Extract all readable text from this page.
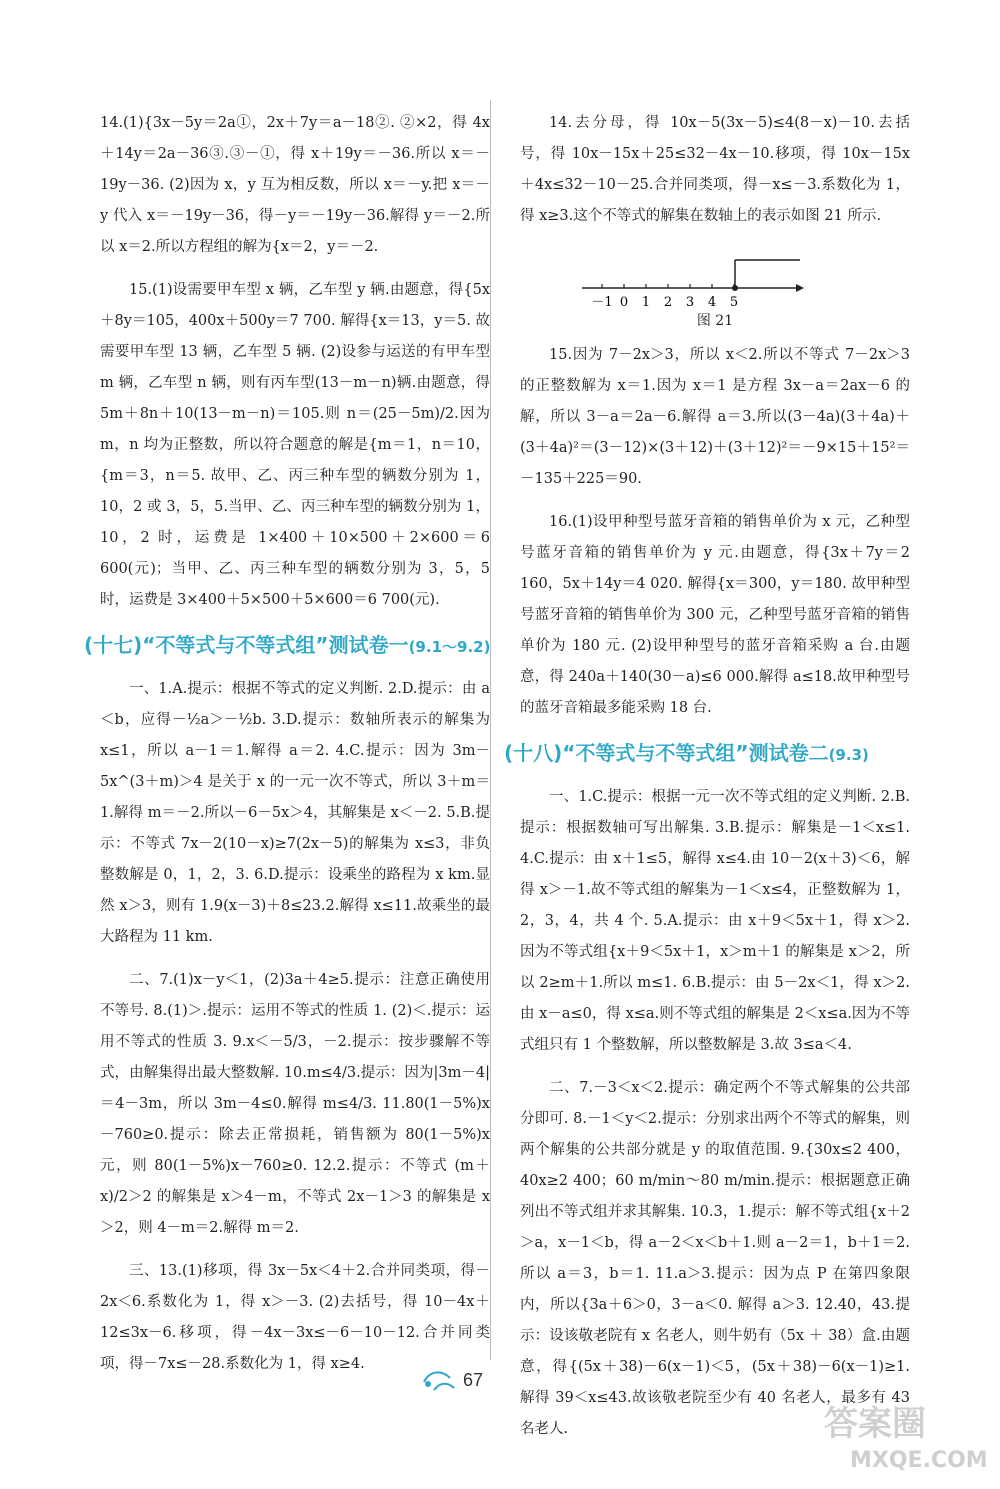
14.(1){3x－5y＝2a①，2x＋7y＝a－18②. ②×2，得 4x＋14y＝2a－36③.③－①，得 x＋19y＝－36.所以 x＝－19y－36. (2)因为 x，y 互为相反数，所以 x＝－y.把 x＝－y 代入 x＝－19y－36，得－y＝－19y－36.解得 y＝－2.所以 x＝2.所以方程组的解为{x＝2，y＝－2.

15.(1)设需要甲车型 x 辆，乙车型 y 辆.由题意，得{5x＋8y＝105，400x＋500y＝7 700. 解得{x＝13，y＝5. 故需要甲车型 13 辆，乙车型 5 辆. (2)设参与运送的有甲车型 m 辆，乙车型 n 辆，则有丙车型(13－m－n)辆.由题意，得 5m＋8n＋10(13－m－n)＝105.则 n＝(25－5m)/2.因为 m，n 均为正整数，所以符合题意的解是{m＝1，n＝10，{m＝3，n＝5. 故甲、乙、丙三种车型的辆数分别为 1，10，2 或 3，5，5.当甲、乙、丙三种车型的辆数分别为 1，10，2 时，运费是 1×400＋10×500＋2×600＝6 600(元)；当甲、乙、丙三种车型的辆数分别为 3，5，5 时，运费是 3×400＋5×500＋5×600＝6 700(元).

(十七)“不等式与不等式组”测试卷一(9.1～9.2)

一、1.A.提示：根据不等式的定义判断. 2.D.提示：由 a＜b，应得－½a＞－½b. 3.D.提示：数轴所表示的解集为 x≤1，所以 a－1＝1.解得 a＝2. 4.C.提示：因为 3m－5x^(3＋m)＞4 是关于 x 的一元一次不等式，所以 3＋m＝1.解得 m＝－2.所以－6－5x＞4，其解集是 x＜－2. 5.B.提示：不等式 7x－2(10－x)≥7(2x－5)的解集为 x≤3，非负整数解是 0，1，2，3. 6.D.提示：设乘坐的路程为 x km.显然 x＞3，则有 1.9(x－3)＋8≤23.2.解得 x≤11.故乘坐的最大路程为 11 km.

二、7.(1)x－y＜1，(2)3a＋4≥5.提示：注意正确使用不等号. 8.(1)＞.提示：运用不等式的性质 1. (2)＜.提示：运用不等式的性质 3. 9.x＜－5/3，－2.提示：按步骤解不等式，由解集得出最大整数解. 10.m≤4/3.提示：因为|3m－4|＝4－3m，所以 3m－4≤0.解得 m≤4/3. 11.80(1－5%)x－760≥0.提示：除去正常损耗，销售额为 80(1－5%)x 元，则 80(1－5%)x－760≥0. 12.2.提示：不等式 (m＋x)/2＞2 的解集是 x＞4－m，不等式 2x－1＞3 的解集是 x＞2，则 4－m＝2.解得 m＝2.

三、13.(1)移项，得 3x－5x＜4＋2.合并同类项，得－2x＜6.系数化为 1，得 x＞－3. (2)去括号，得 10－4x＋12≤3x－6.移项，得－4x－3x≤－6－10－12.合并同类项，得－7x≤－28.系数化为 1，得 x≥4.

14.去分母，得 10x－5(3x－5)≤4(8－x)－10.去括号，得 10x－15x＋25≤32－4x－10.移项，得 10x－15x＋4x≤32－10－25.合并同类项，得－x≤－3.系数化为 1，得 x≥3.这个不等式的解集在数轴上的表示如图 21 所示.

－1 0 1 2 3 4 5
图 21

15.因为 7－2x＞3，所以 x＜2.所以不等式 7－2x＞3 的正整数解为 x＝1.因为 x＝1 是方程 3x－a＝2ax－6 的解，所以 3－a＝2a－6.解得 a＝3.所以(3－4a)(3＋4a)＋(3＋4a)²＝(3－12)×(3＋12)＋(3＋12)²＝－9×15＋15²＝－135＋225＝90.

16.(1)设甲种型号蓝牙音箱的销售单价为 x 元，乙种型号蓝牙音箱的销售单价为 y 元.由题意，得{3x＋7y＝2 160，5x＋14y＝4 020. 解得{x＝300，y＝180. 故甲种型号蓝牙音箱的销售单价为 300 元，乙种型号蓝牙音箱的销售单价为 180 元. (2)设甲种型号的蓝牙音箱采购 a 台.由题意，得 240a＋140(30－a)≤6 000.解得 a≤18.故甲种型号的蓝牙音箱最多能采购 18 台.

(十八)“不等式与不等式组”测试卷二(9.3)

一、1.C.提示：根据一元一次不等式组的定义判断. 2.B.提示：根据数轴可写出解集. 3.B.提示：解集是－1＜x≤1. 4.C.提示：由 x＋1≤5，解得 x≤4.由 10－2(x＋3)＜6，解得 x＞－1.故不等式组的解集为－1＜x≤4，正整数解为 1，2，3，4，共 4 个. 5.A.提示：由 x＋9＜5x＋1，得 x＞2.因为不等式组{x＋9＜5x＋1，x＞m＋1 的解集是 x＞2，所以 2≥m＋1.所以 m≤1. 6.B.提示：由 5－2x＜1，得 x＞2.由 x－a≤0，得 x≤a.则不等式组的解集是 2＜x≤a.因为不等式组只有 1 个整数解，所以整数解是 3.故 3≤a＜4.

二、7.－3＜x＜2.提示：确定两个不等式解集的公共部分即可. 8.－1＜y＜2.提示：分别求出两个不等式的解集，则两个解集的公共部分就是 y 的取值范围. 9.{30x≤2 400，40x≥2 400；60 m/min～80 m/min.提示：根据题意正确列出不等式组并求其解集. 10.3，1.提示：解不等式组{x＋2＞a，x－1＜b，得 a－2＜x＜b＋1.则 a－2＝1，b＋1＝2.所以 a＝3，b＝1. 11.a＞3.提示：因为点 P 在第四象限内，所以{3a＋6＞0，3－a＜0. 解得 a＞3. 12.40，43.提示：设该敬老院有 x 名老人，则牛奶有（5x ＋ 38）盒.由题意，得{(5x＋38)－6(x－1)＜5，(5x＋38)－6(x－1)≥1. 解得 39＜x≤43.故该敬老院至少有 40 名老人，最多有 43 名老人.

67
答案圈
MXQE.COM
